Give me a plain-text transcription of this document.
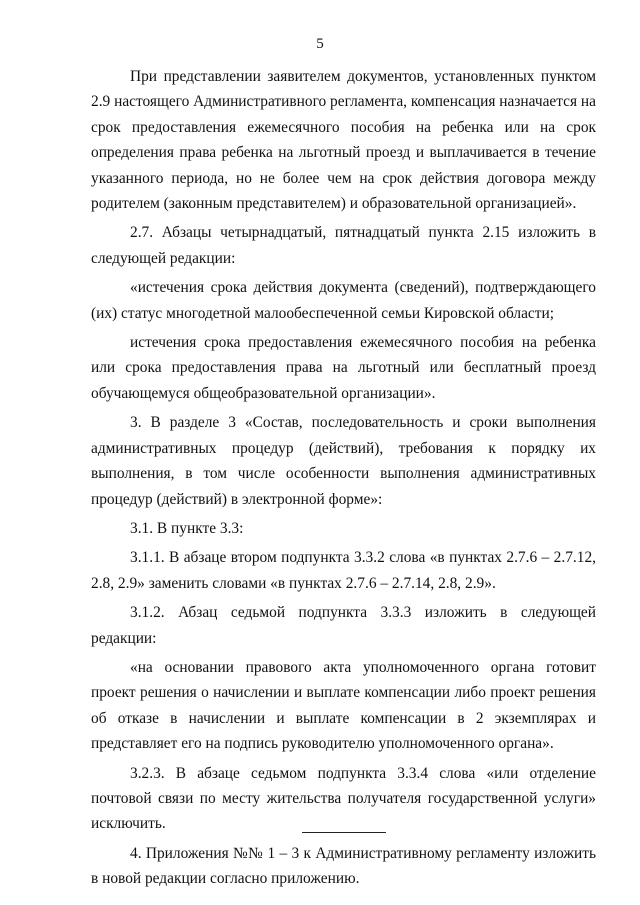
5

При представлении заявителем документов, установленных пунктом 2.9 настоящего Административного регламента, компенсация назначается на срок предоставления ежемесячного пособия на ребенка или на срок определения права ребенка на льготный проезд и выплачивается в течение указанного периода, но не более чем на срок действия договора между родителем (законным представителем) и образовательной организацией».

2.7. Абзацы четырнадцатый, пятнадцатый пункта 2.15 изложить в следующей редакции:

«истечения срока действия документа (сведений), подтверждающего (их) статус многодетной малообеспеченной семьи Кировской области;

истечения срока предоставления ежемесячного пособия на ребенка или срока предоставления права на льготный или бесплатный проезд обучающемуся общеобразовательной организации».

3. В разделе 3 «Состав, последовательность и сроки выполнения административных процедур (действий), требования к порядку их выполнения, в том числе особенности выполнения административных процедур (действий) в электронной форме»:

3.1. В пункте 3.3:

3.1.1. В абзаце втором подпункта 3.3.2 слова «в пунктах 2.7.6 – 2.7.12, 2.8, 2.9» заменить словами «в пунктах 2.7.6 – 2.7.14, 2.8, 2.9».

3.1.2. Абзац седьмой подпункта 3.3.3 изложить в следующей редакции:

«на основании правового акта уполномоченного органа готовит проект решения о начислении и выплате компенсации либо проект решения об отказе в начислении и выплате компенсации в 2 экземплярах и представляет его на подпись руководителю уполномоченного органа».

3.2.3. В абзаце седьмом подпункта 3.3.4 слова «или отделение почтовой связи по месту жительства получателя государственной услуги» исключить.

4. Приложения №№ 1 – 3 к Административному регламенту изложить в новой редакции согласно приложению.
